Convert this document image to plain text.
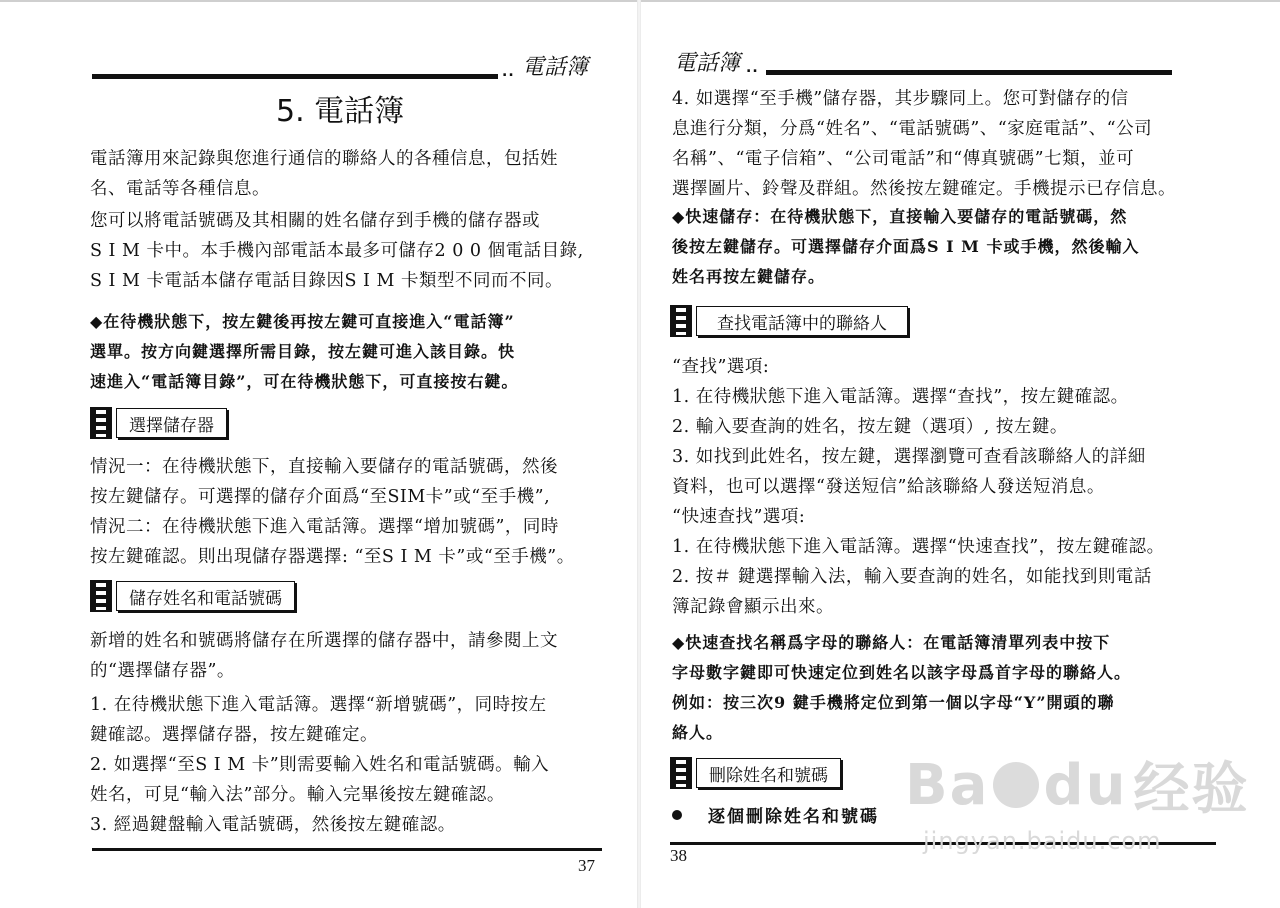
.. 電話簿
5. 電話簿
電話簿用來記錄與您進行通信的聯絡人的各種信息，包括姓
名、電話等各種信息。
您可以將電話號碼及其相關的姓名儲存到手機的儲存器或
S I M 卡中。本手機內部電話本最多可儲存2 0 0 個電話目錄,
S I M 卡電話本儲存電話目錄因S I M 卡類型不同而不同。
◆在待機狀態下，按左鍵後再按左鍵可直接進入“電話簿”
選單。按方向鍵選擇所需目錄，按左鍵可進入該目錄。快
速進入“電話簿目錄”，可在待機狀態下，可直接按右鍵。
選擇儲存器
情況一：在待機狀態下，直接輸入要儲存的電話號碼，然後
按左鍵儲存。可選擇的儲存介面爲“至SIM卡”或“至手機”,
情況二：在待機狀態下進入電話簿。選擇“增加號碼”，同時
按左鍵確認。則出現儲存器選擇: “至S I M 卡”或“至手機”。
儲存姓名和電話號碼
新增的姓名和號碼將儲存在所選擇的儲存器中，請參閱上文
的“選擇儲存器”。
1. 在待機狀態下進入電話簿。選擇“新增號碼”，同時按左
鍵確認。選擇儲存器，按左鍵確定。
2. 如選擇“至S I M 卡”則需要輸入姓名和電話號碼。輸入
姓名，可見“輸入法”部分。輸入完畢後按左鍵確認。
3. 經過鍵盤輸入電話號碼，然後按左鍵確認。
37
電話簿 ..
4. 如選擇“至手機”儲存器，其步驟同上。您可對儲存的信
息進行分類，分爲“姓名”、“電話號碼”、“家庭電話”、“公司
名稱”、“電子信箱”、“公司電話”和“傳真號碼”七類，並可
選擇圖片、鈴聲及群組。然後按左鍵確定。手機提示已存信息。
◆快速儲存：在待機狀態下，直接輸入要儲存的電話號碼，然
後按左鍵儲存。可選擇儲存介面爲S I M 卡或手機，然後輸入
姓名再按左鍵儲存。
查找電話簿中的聯絡人
“查找”選項:
1. 在待機狀態下進入電話簿。選擇“查找”，按左鍵確認。
2. 輸入要查詢的姓名，按左鍵（選項）, 按左鍵。
3. 如找到此姓名，按左鍵，選擇瀏覽可查看該聯絡人的詳細
資料，也可以選擇“發送短信”給該聯絡人發送短消息。
“快速查找”選項:
1. 在待機狀態下進入電話簿。選擇“快速查找”，按左鍵確認。
2. 按＃ 鍵選擇輸入法，輸入要查詢的姓名，如能找到則電話
簿記錄會顯示出來。
◆快速查找名稱爲字母的聯絡人：在電話簿清單列表中按下
字母數字鍵即可快速定位到姓名以該字母爲首字母的聯絡人。
例如：按三次9 鍵手機將定位到第一個以字母“Y”開頭的聯
絡人。
刪除姓名和號碼
逐個刪除姓名和號碼
38
Ba du 经验
jingyan.baidu.com
